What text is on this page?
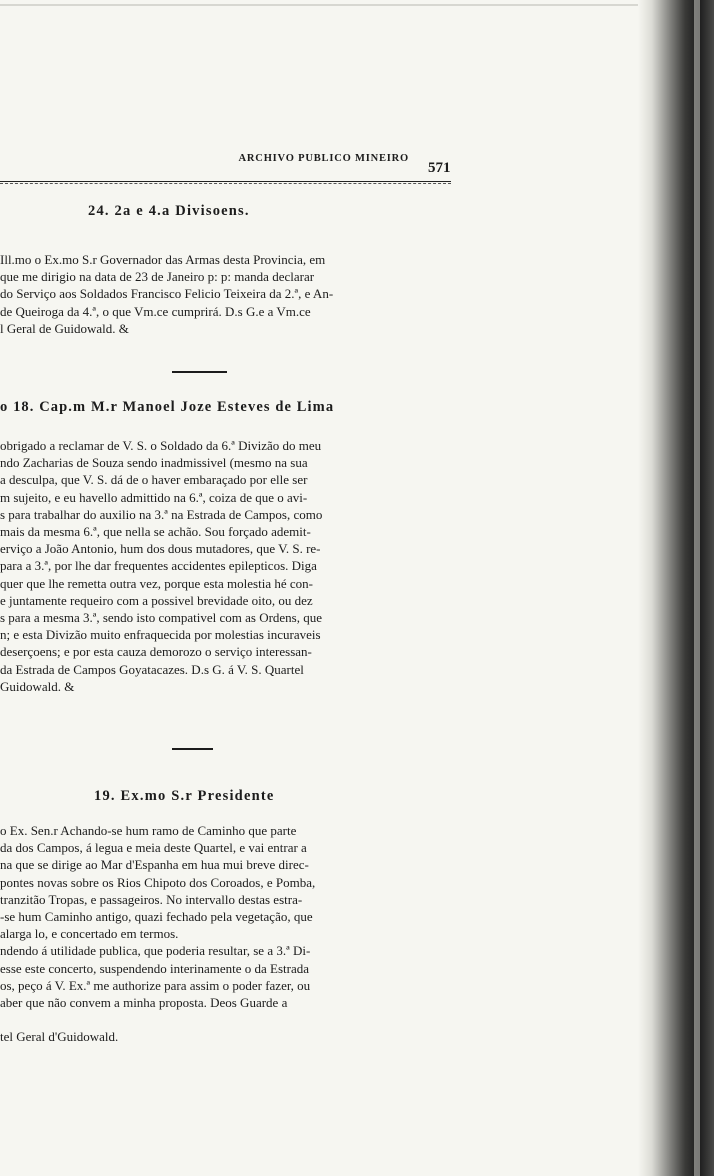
ARCHIVO PUBLICO MINEIRO
571
24. 2a e 4.a Divisoens.
Ill.mo o Ex.mo S.r Governador das Armas desta Provincia, em
que me dirigio na data de 23 de Janeiro p: p: manda declarar
do Serviço aos Soldados Francisco Felicio Teixeira da 2.ª, e An-
de Queiroga da 4.ª, o que Vm.ce cumprirá. D.s G.e a Vm.ce
l Geral de Guidowald. &
o 18. Cap.m M.r Manoel Joze Esteves de Lima
obrigado a reclamar de V. S. o Soldado da 6.ª Divizão do meu
ndo Zacharias de Souza sendo inadmissivel (mesmo na sua
a desculpa, que V. S. dá de o haver embaraçado por elle ser
m sujeito, e eu havello admittido na 6.ª, coiza de que o avi-
s para trabalhar do auxilio na 3.ª na Estrada de Campos, como
mais da mesma 6.ª, que nella se achão. Sou forçado ademit-
erviço a João Antonio, hum dos dous mutadores, que V. S. re-
para a 3.ª, por lhe dar frequentes accidentes epilepticos. Diga
quer que lhe remetta outra vez, porque esta molestia hé con-
e juntamente requeiro com a possivel brevidade oito, ou dez
s para a mesma 3.ª, sendo isto compativel com as Ordens, que
n; e esta Divizão muito enfraquecida por molestias incuraveis
deserçoens; e por esta cauza demorozo o serviço interessan-
da Estrada de Campos Goyatacazes. D.s G. á V. S. Quartel
Guidowald. &
19. Ex.mo S.r Presidente
o Ex. Sen.r Achando-se hum ramo de Caminho que parte
da dos Campos, á legua e meia deste Quartel, e vai entrar a
na que se dirige ao Mar d'Espanha em hua mui breve direc-
pontes novas sobre os Rios Chipoto dos Coroados, e Pomba,
tranzitão Tropas, e passageiros. No intervallo destas estra-
-se hum Caminho antigo, quazi fechado pela vegetação, que
alarga lo, e concertado em termos.
ndendo á utilidade publica, que poderia resultar, se a 3.ª Di-
esse este concerto, suspendendo interinamente o da Estrada
os, peço á V. Ex.ª me authorize para assim o poder fazer, ou
aber que não convem a minha proposta. Deos Guarde a
tel Geral d'Guidowald.
